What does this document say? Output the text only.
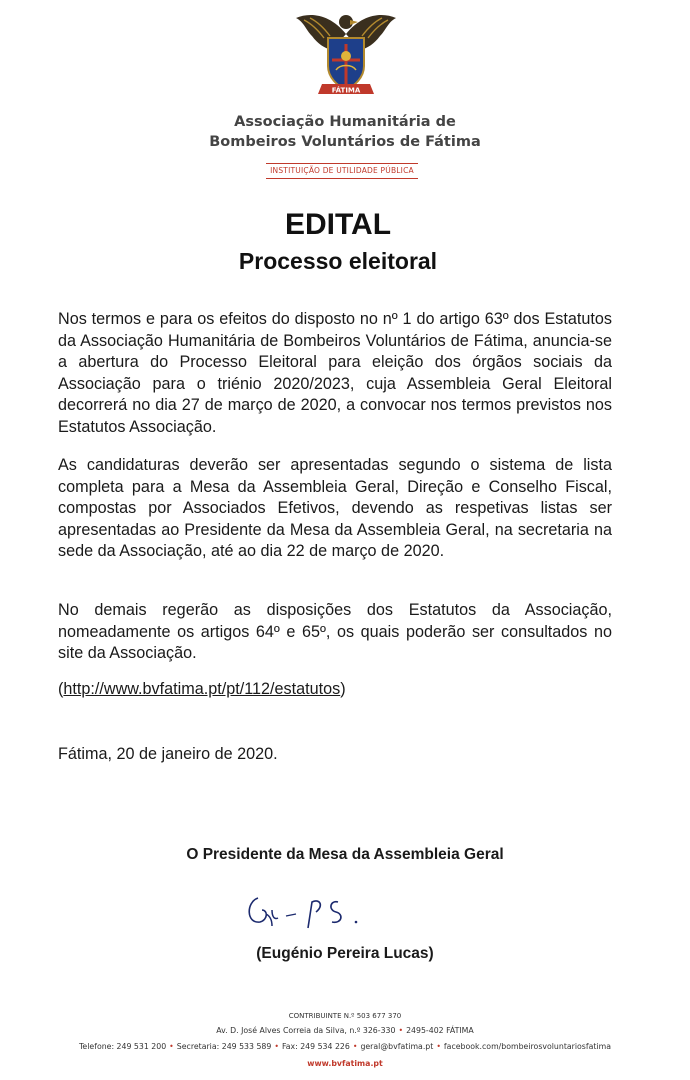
FÁTIMA
Associação Humanitária de
Bombeiros Voluntários de Fátima
INSTITUIÇÃO DE UTILIDADE PÚBLICA
EDITAL
Processo eleitoral
Nos termos e para os efeitos do disposto no nº 1 do artigo 63º dos Estatutos da Associação Humanitária de Bombeiros Voluntários de Fátima, anuncia-se a abertura do Processo Eleitoral para eleição dos órgãos sociais da Associação para o triénio 2020/2023, cuja Assembleia Geral Eleitoral decorrerá no dia 27 de março de 2020, a convocar nos termos previstos nos Estatutos Associação.
As candidaturas deverão ser apresentadas segundo o sistema de lista completa para a Mesa da Assembleia Geral, Direção e Conselho Fiscal, compostas por Associados Efetivos, devendo as respetivas listas ser apresentadas ao Presidente da Mesa da Assembleia Geral, na secretaria na sede da Associação, até ao dia 22 de março de 2020.
No demais regerão as disposições dos Estatutos da Associação, nomeadamente os artigos 64º e 65º, os quais poderão ser consultados no site da Associação.
(http://www.bvfatima.pt/pt/112/estatutos)
Fátima, 20 de janeiro de 2020.
O Presidente da Mesa da Assembleia Geral
(Eugénio Pereira Lucas)
CONTRIBUINTE N.º 503 677 370
Av. D. José Alves Correia da Silva, n.º 326-330 • 2495-402 FÁTIMA
Telefone: 249 531 200 • Secretaria: 249 533 589 • Fax: 249 534 226 • geral@bvfatima.pt • facebook.com/bombeirosvoluntariosfatima
www.bvfatima.pt
